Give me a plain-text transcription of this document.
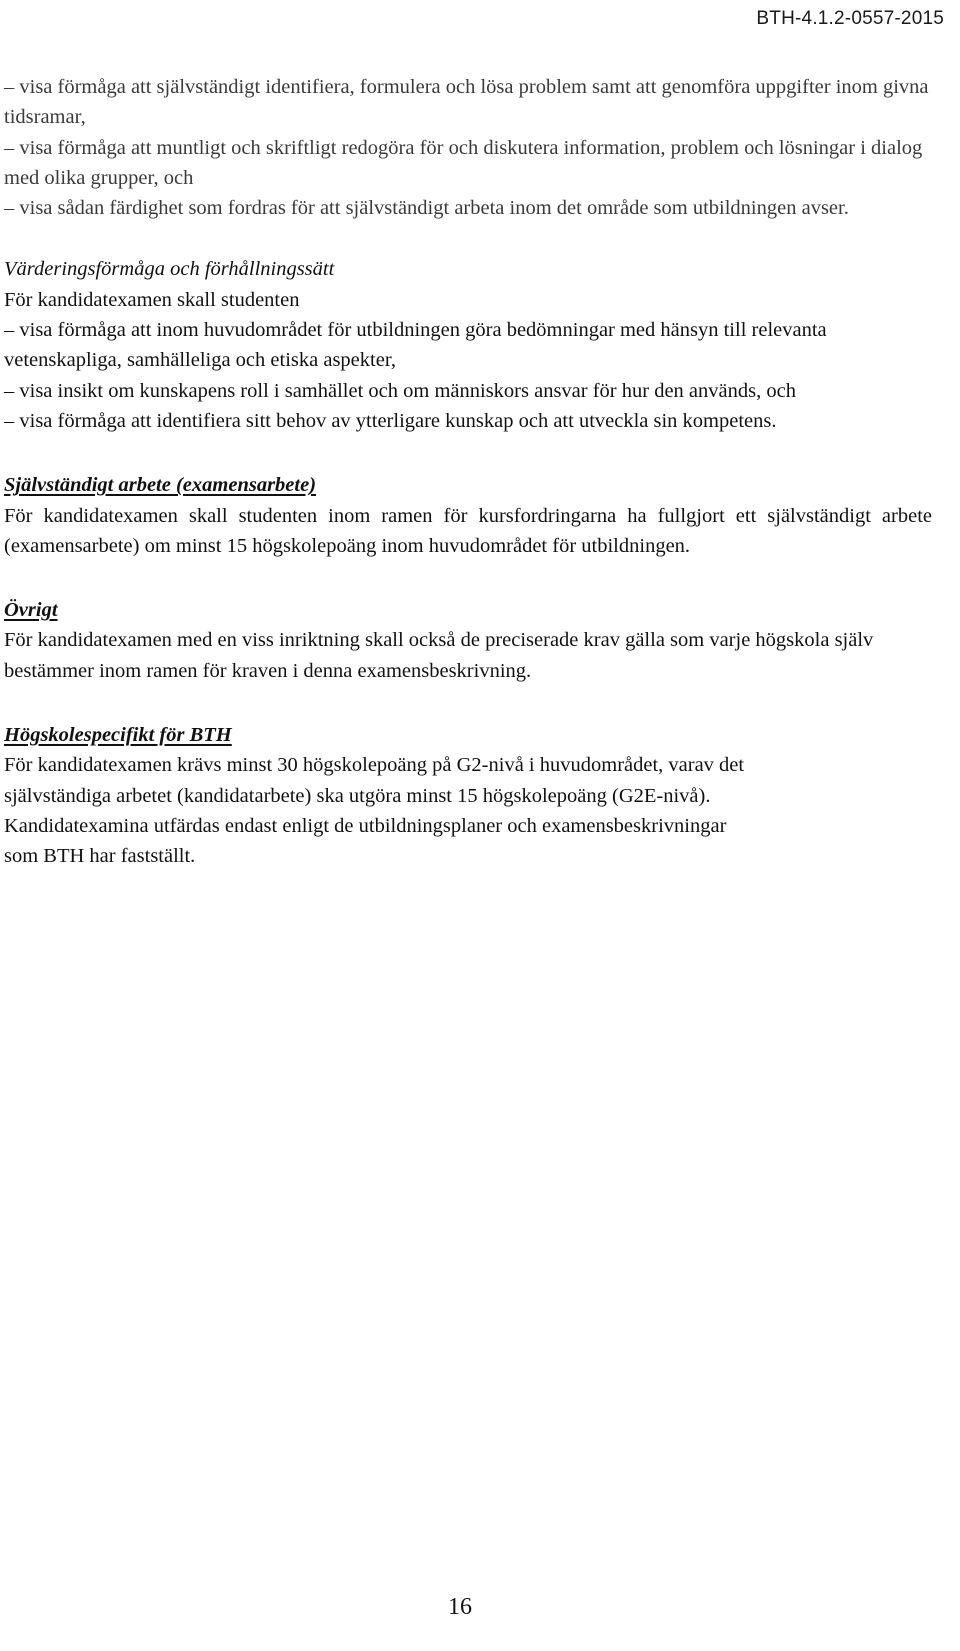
BTH-4.1.2-0557-2015

– visa förmåga att självständigt identifiera, formulera och lösa problem samt att genomföra uppgifter inom givna tidsramar,

– visa förmåga att muntligt och skriftligt redogöra för och diskutera information, problem och lösningar i dialog med olika grupper, och

– visa sådan färdighet som fordras för att självständigt arbeta inom det område som utbildningen avser.

Värderingsförmåga och förhållningssätt

För kandidatexamen skall studenten

– visa förmåga att inom huvudområdet för utbildningen göra bedömningar med hänsyn till relevanta vetenskapliga, samhälleliga och etiska aspekter,

– visa insikt om kunskapens roll i samhället och om människors ansvar för hur den används, och

– visa förmåga att identifiera sitt behov av ytterligare kunskap och att utveckla sin kompetens.

Självständigt arbete (examensarbete)

För kandidatexamen skall studenten inom ramen för kursfordringarna ha fullgjort ett självständigt arbete (examensarbete) om minst 15 högskolepoäng inom huvudområdet för utbildningen.

Övrigt

För kandidatexamen med en viss inriktning skall också de preciserade krav gälla som varje högskola själv bestämmer inom ramen för kraven i denna examensbeskrivning.

Högskolespecifikt för BTH

För kandidatexamen krävs minst 30 högskolepoäng på G2-nivå i huvudområdet, varav det
självständiga arbetet (kandidatarbete) ska utgöra minst 15 högskolepoäng (G2E-nivå).
Kandidatexamina utfärdas endast enligt de utbildningsplaner och examensbeskrivningar
som BTH har fastställt.

16
